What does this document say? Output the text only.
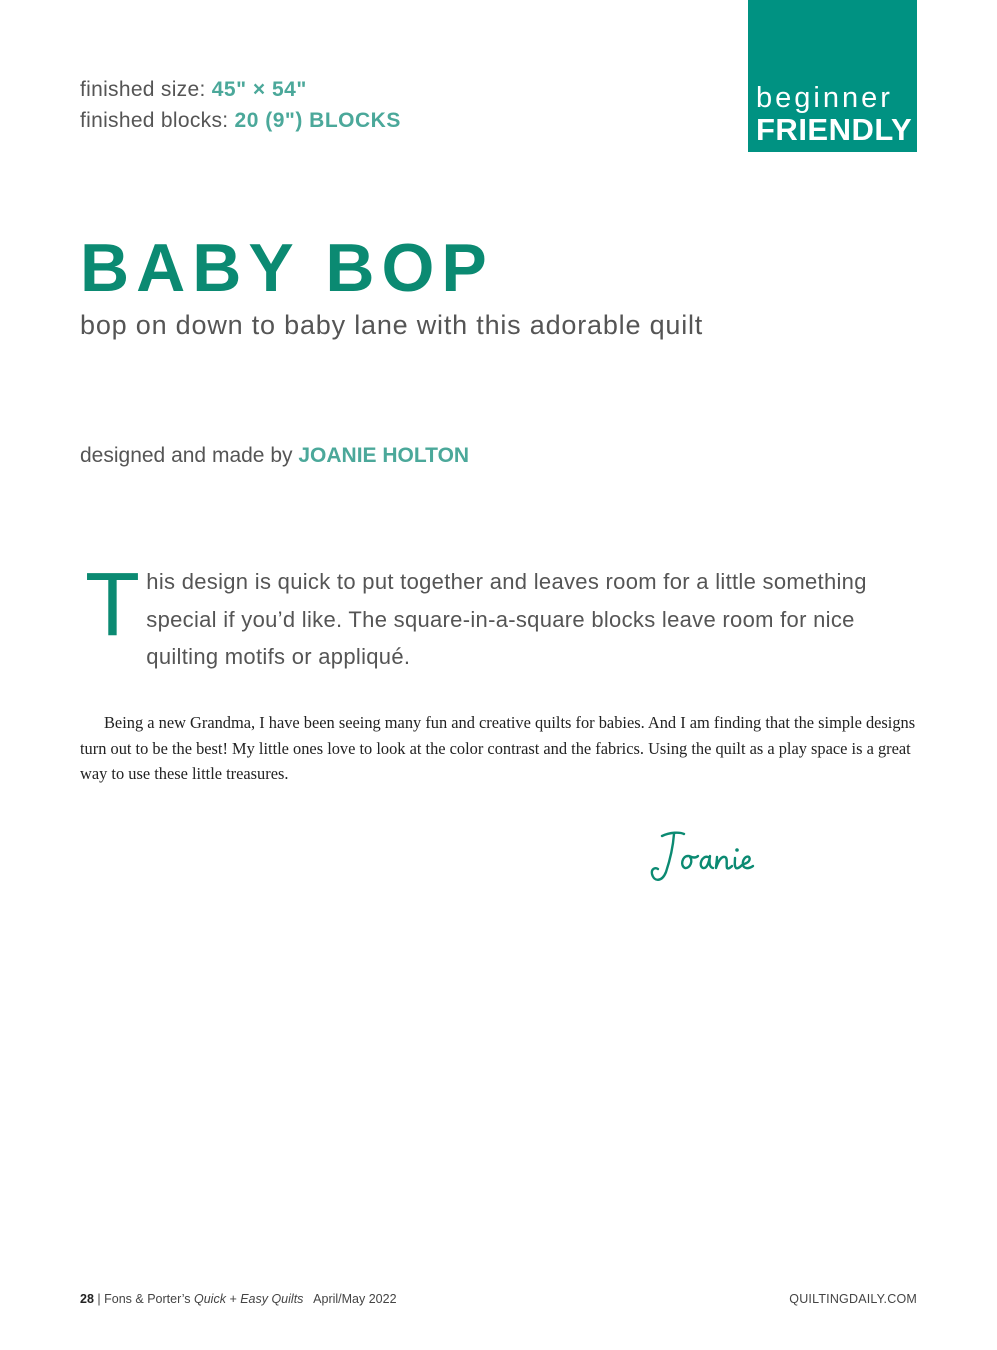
finished size: 45" × 54"
finished blocks: 20 (9") BLOCKS
beginner
FRIENDLY
BABY BOP
bop on down to baby lane with this adorable quilt
designed and made by JOANIE HOLTON
This design is quick to put together and leaves room for a little something special if you’d like. The square-in-a-square blocks leave room for nice quilting motifs or appliqué.

Being a new Grandma, I have been seeing many fun and creative quilts for babies. And I am finding that the simple designs turn out to be the best! My little ones love to look at the color contrast and the fabrics. Using the quilt as a play space is a great way to use these little treasures.

28 | Fons & Porter’s Quick + Easy Quilts April/May 2022	QUILTINGDAILY.COM
